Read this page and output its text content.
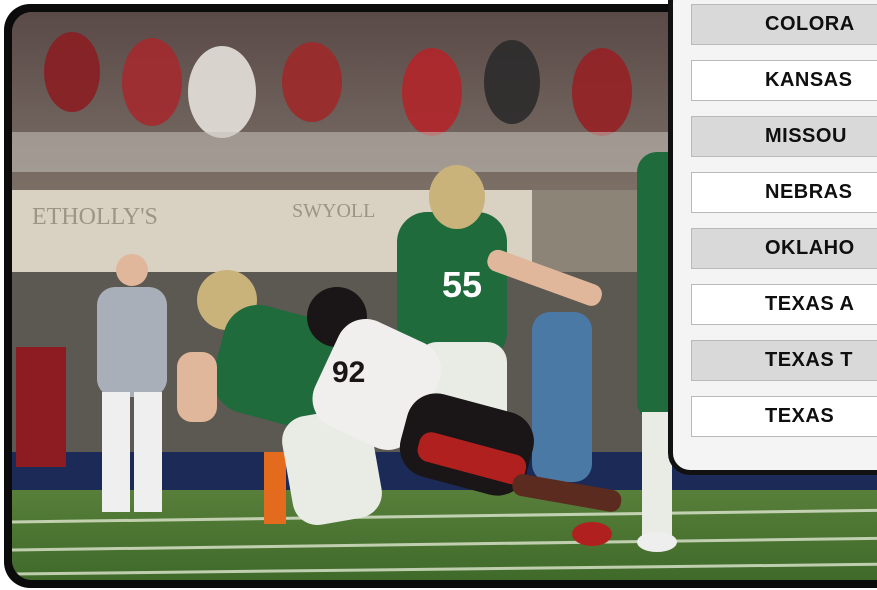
ETHOLLY'S	SWYOLL
55
92
COLORA
KANSAS
MISSOU
NEBRAS
OKLAHO
TEXAS A
TEXAS T
TEXAS
